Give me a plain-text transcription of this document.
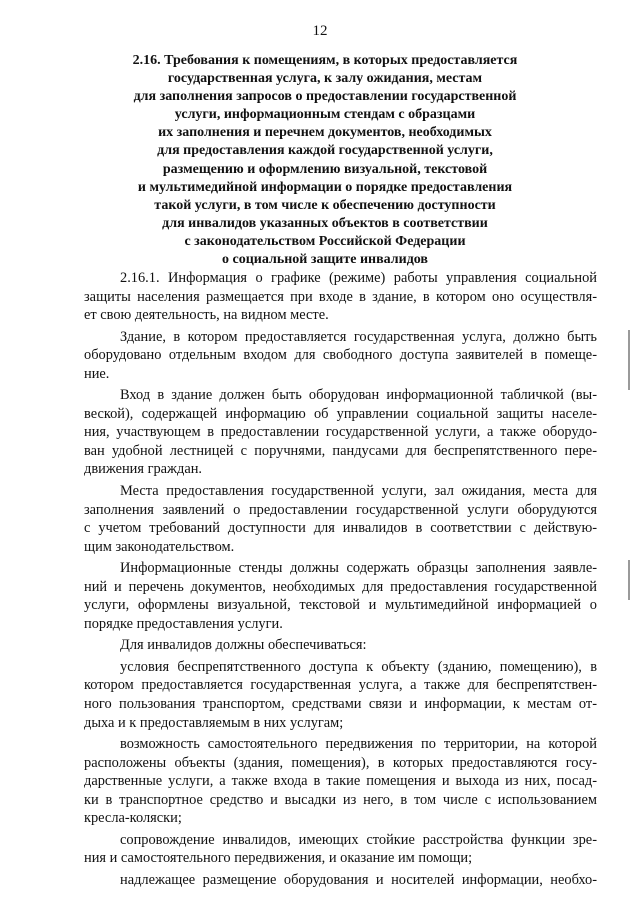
12
2.16. Требования к помещениям, в которых предоставляется
государственная услуга, к залу ожидания, местам
для заполнения запросов о предоставлении государственной
услуги, информационным стендам с образцами
их заполнения и перечнем документов, необходимых
для предоставления каждой государственной услуги,
размещению и оформлению визуальной, текстовой
и мультимедийной информации о порядке предоставления
такой услуги, в том числе к обеспечению доступности
для инвалидов указанных объектов в соответствии
с законодательством Российской Федерации
о социальной защите инвалидов
2.16.1. Информация о графике (режиме) работы управления социальной
защиты населения размещается при входе в здание, в котором оно осуществля-
ет свою деятельность, на видном месте.
Здание, в котором предоставляется государственная услуга, должно быть
оборудовано отдельным входом для свободного доступа заявителей в помеще-
ние.
Вход в здание должен быть оборудован информационной табличкой (вы-
веской), содержащей информацию об управлении социальной защиты населе-
ния, участвующем в предоставлении государственной услуги, а также оборудо-
ван удобной лестницей с поручнями, пандусами для беспрепятственного пере-
движения граждан.
Места предоставления государственной услуги, зал ожидания, места для
заполнения заявлений о предоставлении государственной услуги оборудуются
с учетом требований доступности для инвалидов в соответствии с действую-
щим законодательством.
Информационные стенды должны содержать образцы заполнения заявле-
ний и перечень документов, необходимых для предоставления государственной
услуги, оформлены визуальной, текстовой и мультимедийной информацией о
порядке предоставления услуги.
Для инвалидов должны обеспечиваться:
условия беспрепятственного доступа к объекту (зданию, помещению), в
котором предоставляется государственная услуга, а также для беспрепятствен-
ного пользования транспортом, средствами связи и информации, к местам от-
дыха и к предоставляемым в них услугам;
возможность самостоятельного передвижения по территории, на которой
расположены объекты (здания, помещения), в которых предоставляются госу-
дарственные услуги, а также входа в такие помещения и выхода из них, посад-
ки в транспортное средство и высадки из него, в том числе с использованием
кресла-коляски;
сопровождение инвалидов, имеющих стойкие расстройства функции зре-
ния и самостоятельного передвижения, и оказание им помощи;
надлежащее размещение оборудования и носителей информации, необхо-
